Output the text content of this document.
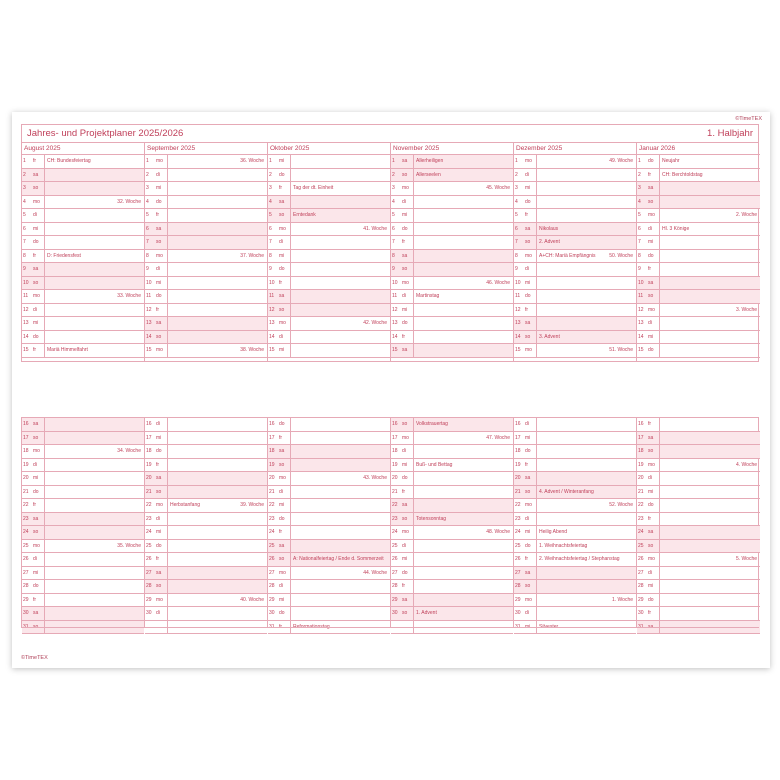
©TimeTEX
Jahres- und Projektplaner 2025/2026	1. Halbjahr
August 2025
1	fr	CH: Bundesfeiertag
2	sa
3	so
4	mo	32. Woche
5	di
6	mi
7	do
8	fr	D: Friedensfest
9	sa
10 so
11 mo	33. Woche
12 di
13 mi
14 do
15 fr	Mariä Himmelfahrt
September 2025
1	mo	36. Woche
2	di
3	mi
4	do
5	fr
6	sa
7	so
8	mo	37. Woche
9	di
10 mi
11 do
12 fr
13 sa
14 so
15 mo	38. Woche
Oktober 2025
1	mi
2	do
3	fr	Tag der dt. Einheit
4	sa
5	so	Erntedank
6	mo	41. Woche
7	di
8	mi
9	do
10 fr
11 sa
12 so
13 mo	42. Woche
14 di
15 mi
November 2025
1	sa	Allerheiligen
2	so	Allerseelen
3	mo	45. Woche
4	di
5	mi
6	do
7	fr
8	sa
9	so
10 mo	46. Woche
11 di	Martinstag
12 mi
13 do
14 fr
15 sa
Dezember 2025
1	mo	49. Woche
2	di
3	mi
4	do
5	fr
6	sa	Nikolaus
7	so	2. Advent
8	mo	A+CH: Mariä Empfängnis	50. Woche
9	di
10 mi
11 do
12 fr
13 sa
14 so	3. Advent
15 mo	51. Woche
Januar 2026
1	do	Neujahr
2	fr	CH: Berchtoldstag
3	sa
4	so
5	mo	2. Woche
6	di	Hl. 3 Könige
7	mi
8	do
9	fr
10 sa
11 so
12 mo	3. Woche
13 di
14 mi
15 do
16 sa
17 so
18 mo	34. Woche
19 di
20 mi
21 do
22 fr
23 sa
24 so
25 mo	35. Woche
26 di
27 mi
28 do
29 fr
30 sa
31 so
16 di
17 mi
18 do
19 fr
20 sa
21 so
22 mo	Herbstanfang	39. Woche
23 di
24 mi
25 do
26 fr
27 sa
28 so
29 mo	40. Woche
30 di
16 do
17 fr
18 sa
19 so
20 mo	43. Woche
21 di
22 mi
23 do
24 fr
25 sa
26 so	A: Nationalfeiertag / Ende d. Sommerzeit
27 mo	44. Woche
28 di
29 mi
30 do
31 fr	Reformationstag
16 so	Volkstrauertag
17 mo	47. Woche
18 di
19 mi	Buß- und Bettag
20 do
21 fr
22 sa
23 so	Totensonntag
24 mo	48. Woche
25 di
26 mi
27 do
28 fr
29 sa
30 so	1. Advent
16 di
17 mi
18 do
19 fr
20 sa
21 so	4. Advent / Winteranfang
22 mo	52. Woche
23 di
24 mi	Heilig Abend
25 do	1. Weihnachtsfeiertag
26 fr	2. Weihnachtsfeiertag / Stephanstag
27 sa
28 so
29 mo	1. Woche
30 di
31 mi	Silvester
16 fr
17 sa
18 so
19 mo	4. Woche
20 di
21 mi
22 do
23 fr
24 sa
25 so
26 mo	5. Woche
27 di
28 mi
29 do
30 fr
31 sa
©TimeTEX
